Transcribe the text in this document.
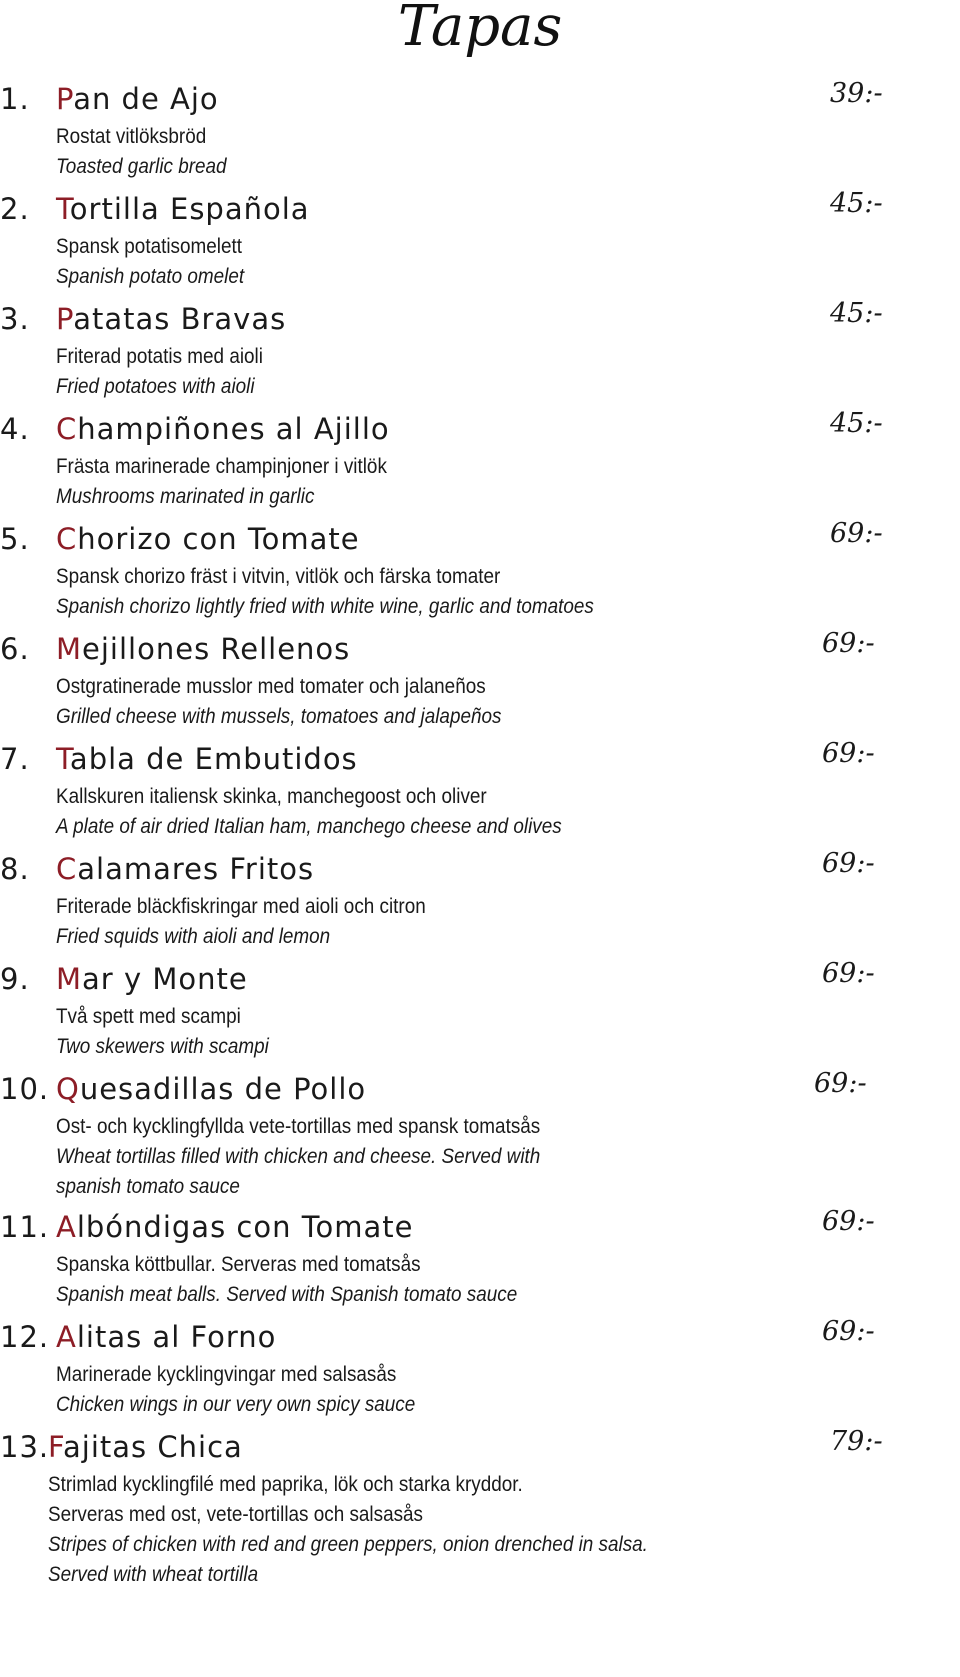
Tapas
1. Pan de Ajo	39:-
Rostat vitlöksbröd
Toasted garlic bread
2. Tortilla Española	45:-
Spansk potatisomelett
Spanish potato omelet
3. Patatas Bravas	45:-
Friterad potatis med aioli
Fried potatoes with aioli
4. Champiñones al Ajillo	45:-
Frästa marinerade champinjoner i vitlök
Mushrooms marinated in garlic
5. Chorizo con Tomate	69:-
Spansk chorizo fräst i vitvin, vitlök och färska tomater
Spanish chorizo lightly fried with white wine, garlic and tomatoes
6. Mejillones Rellenos	69:-
Ostgratinerade musslor med tomater och jalaneños
Grilled cheese with mussels, tomatoes and jalapeños
7. Tabla de Embutidos	69:-
Kallskuren italiensk skinka, manchegoost och oliver
A plate of air dried Italian ham, manchego cheese and olives
8. Calamares Fritos	69:-
Friterade bläckfiskringar med aioli och citron
Fried squids with aioli and lemon
9. Mar y Monte	69:-
Två spett med scampi
Two skewers with scampi
10. Quesadillas de Pollo	69:-
Ost- och kycklingfyllda vete-tortillas med spansk tomatsås
Wheat tortillas filled with chicken and cheese. Served with
spanish tomato sauce
11. Albóndigas con Tomate	69:-
Spanska köttbullar. Serveras med tomatsås
Spanish meat balls. Served with Spanish tomato sauce
12. Alitas al Forno	69:-
Marinerade kycklingvingar med salsasås
Chicken wings in our very own spicy sauce
13.
Fajitas Chica	79:-
Strimlad kycklingfilé med paprika, lök och starka kryddor.
Serveras med ost, vete-tortillas och salsasås
Stripes of chicken with red and green peppers, onion drenched in salsa.
Served with wheat tortilla
